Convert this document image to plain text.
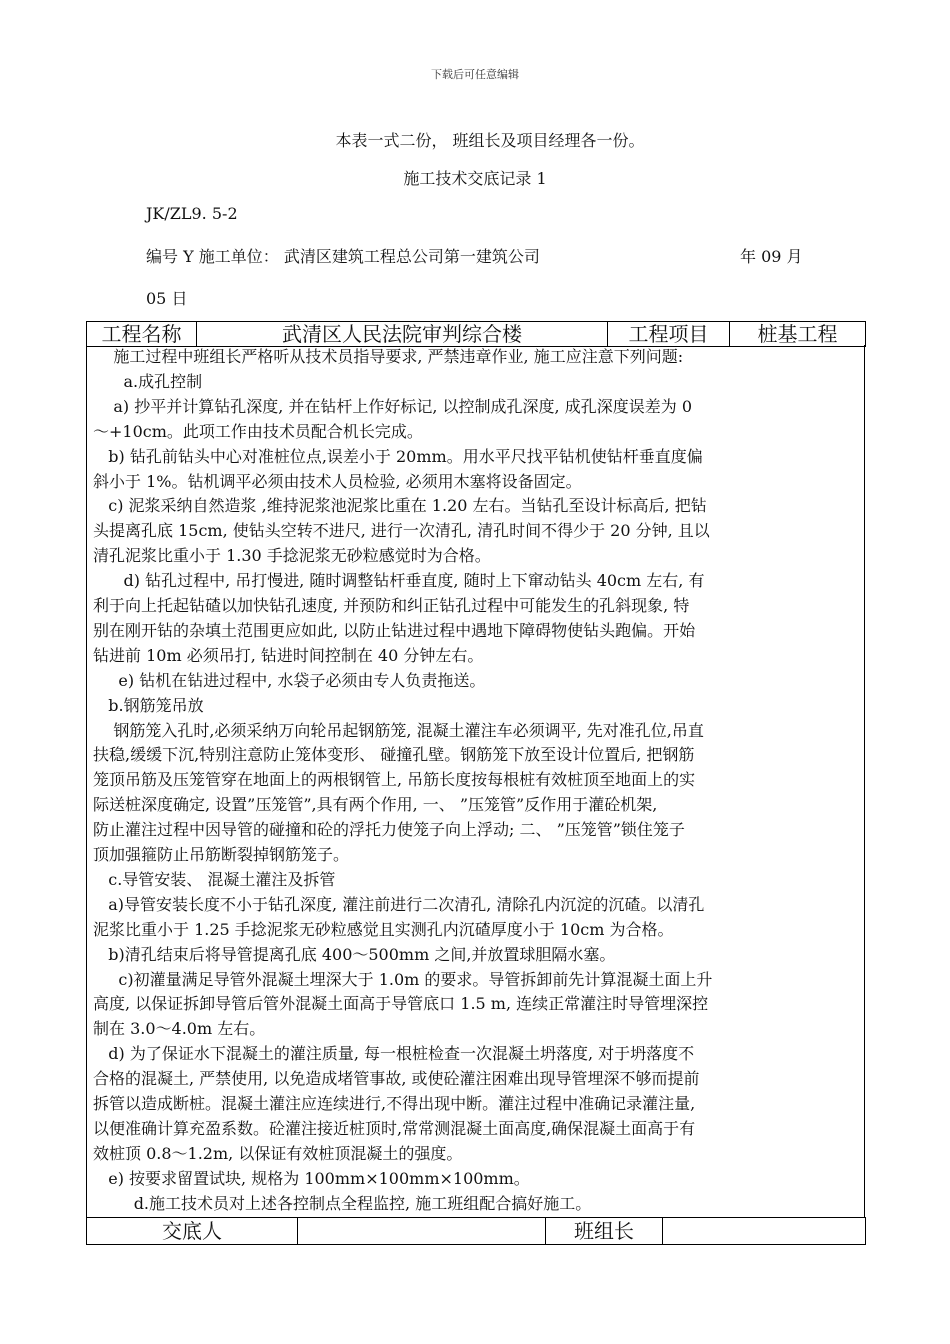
下载后可任意编辑
本表一式二份， 班组长及项目经理各一份。
施工技术交底记录 1
JK/ZL9. 5-2
编号 Y 施工单位： 武清区建筑工程总公司第一建筑公司	年 09 月
05 日
工程名称	武清区人民法院审判综合楼	工程项目	桩基工程
施工过程中班组长严格听从技术员指导要求, 严禁违章作业, 施工应注意下列问题:
a.成孔控制
a) 抄平并计算钻孔深度, 并在钻杆上作好标记, 以控制成孔深度, 成孔深度误差为 0
～+10cm。此项工作由技术员配合机长完成。
b) 钻孔前钻头中心对准桩位点,误差小于 20mm。用水平尺找平钻机使钻杆垂直度偏
斜小于 1%。钻机调平必须由技术人员检验, 必须用木塞将设备固定。
c) 泥浆采纳自然造浆 ,维持泥浆池泥浆比重在 1.20 左右。当钻孔至设计标高后, 把钻
头提离孔底 15cm, 使钻头空转不进尺, 进行一次清孔, 清孔时间不得少于 20 分钟, 且以
清孔泥浆比重小于 1.30 手捻泥浆无砂粒感觉时为合格。
d) 钻孔过程中, 吊打慢进, 随时调整钻杆垂直度, 随时上下窜动钻头 40cm 左右, 有
利于向上托起钻碴以加快钻孔速度, 并预防和纠正钻孔过程中可能发生的孔斜现象, 特
别在刚开钻的杂填土范围更应如此, 以防止钻进过程中遇地下障碍物使钻头跑偏。开始
钻进前 10m 必须吊打, 钻进时间控制在 40 分钟左右。
e) 钻机在钻进过程中, 水袋子必须由专人负责拖送。
b.钢筋笼吊放
钢筋笼入孔时,必须采纳万向轮吊起钢筋笼, 混凝土灌注车必须调平, 先对准孔位,吊直
扶稳,缓缓下沉,特别注意防止笼体变形、 碰撞孔壁。钢筋笼下放至设计位置后, 把钢筋
笼顶吊筋及压笼管穿在地面上的两根钢管上, 吊筋长度按每根桩有效桩顶至地面上的实
际送桩深度确定, 设置”压笼管”,具有两个作用, 一、 ”压笼管”反作用于灌砼机架,
防止灌注过程中因导管的碰撞和砼的浮托力使笼子向上浮动; 二、 ”压笼管”锁住笼子
顶加强箍防止吊筋断裂掉钢筋笼子。
c.导管安装、 混凝土灌注及拆管
a)导管安装长度不小于钻孔深度, 灌注前进行二次清孔, 清除孔内沉淀的沉碴。以清孔
泥浆比重小于 1.25 手捻泥浆无砂粒感觉且实测孔内沉碴厚度小于 10cm 为合格。
b)清孔结束后将导管提离孔底 400～500mm 之间,并放置球胆隔水塞。
c)初灌量满足导管外混凝土埋深大于 1.0m 的要求。导管拆卸前先计算混凝土面上升
高度, 以保证拆卸导管后管外混凝土面高于导管底口 1.5 m, 连续正常灌注时导管埋深控
制在 3.0～4.0m 左右。
d) 为了保证水下混凝土的灌注质量, 每一根桩检查一次混凝土坍落度, 对于坍落度不
合格的混凝土, 严禁使用, 以免造成堵管事故, 或使砼灌注困难出现导管埋深不够而提前
拆管以造成断桩。混凝土灌注应连续进行,不得出现中断。灌注过程中准确记录灌注量,
以便准确计算充盈系数。砼灌注接近桩顶时,常常测混凝土面高度,确保混凝土面高于有
效桩顶 0.8～1.2m, 以保证有效桩顶混凝土的强度。
e) 按要求留置试块, 规格为 100mm×100mm×100mm。
d.施工技术员对上述各控制点全程监控, 施工班组配合搞好施工。
交底人		班组长	
